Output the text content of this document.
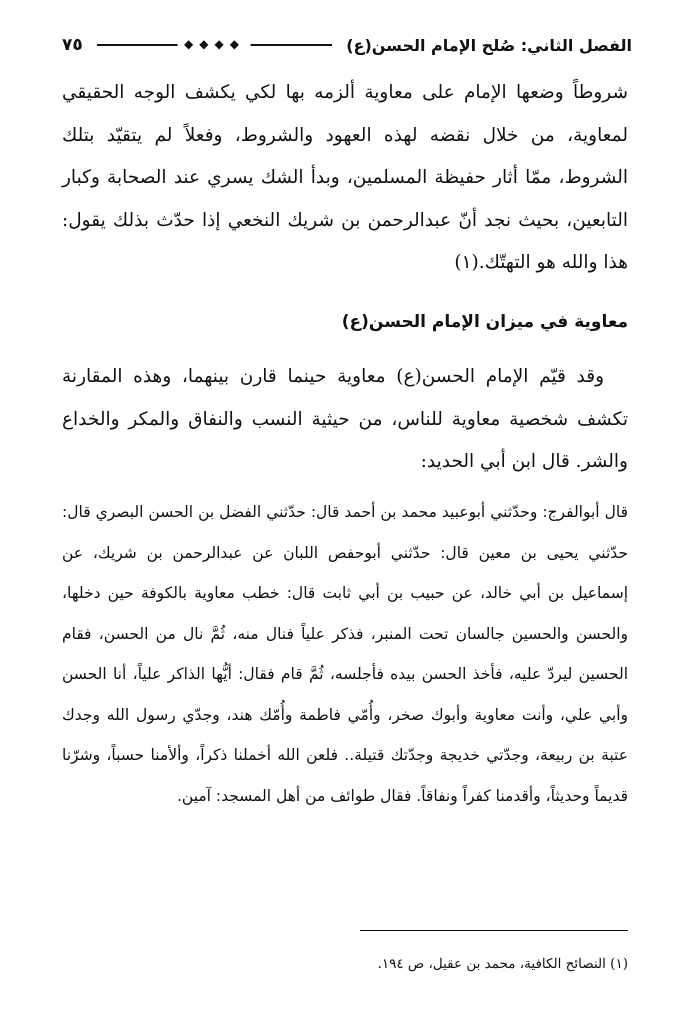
الفصل الثاني: صُلح الإمام الحسن(ع)
◆◆◆◆
٧٥

شروطاً وضعها الإمام على معاوية ألزمه بها لكي يكشف الوجه الحقيقي لمعاوية، من خلال نقضه لهذه العهود والشروط، وفعلاً لم يتقيّد بتلك الشروط، ممّا أثار حفيظة المسلمين، وبدأ الشك يسري عند الصحابة وكبار التابعين، بحيث نجد أنّ عبدالرحمن بن شريك النخعي إذا حدّث بذلك يقول: هذا والله هو التهتّك.(١)

معاوية في ميزان الإمام الحسن(ع)

وقد قيّم الإمام الحسن(ع) معاوية حينما قارن بينهما، وهذه المقارنة تكشف شخصية معاوية للناس، من حيثية النسب والنفاق والمكر والخداع والشر. قال ابن أبي الحديد:

قال أبوالفرج: وحدّثني أبوعبيد محمد بن أحمد قال: حدّثني الفضل بن الحسن البصري قال: حدّثني يحيى بن معين قال: حدّثني أبوحفص اللبان عن عبدالرحمن بن شريك، عن إسماعيل بن أبي خالد، عن حبيب بن أبي ثابت قال: خطب معاوية بالكوفة حين دخلها، والحسن والحسين جالسان تحت المنبر، فذكر علياً فنال منه، ثُمَّ نال من الحسن، فقام الحسين ليردّ عليه، فأخذ الحسن بيده فأجلسه، ثُمَّ قام فقال: أيُّها الذاكر علياً، أنا الحسن وأبي علي، وأنت معاوية وأبوك صخر، وأُمّي فاطمة وأُمّك هند، وجدّي رسول الله وجدك عتبة بن ربيعة، وجدّتي خديجة وجدّتك قتيلة.. فلعن الله أخملنا ذكراً، وألأمنا حسباً، وشرّنا قديماً وحديثاً، وأقدمنا كفراً ونفاقاً. فقال طوائف من أهل المسجد: آمين.

(١) النصائح الكافية، محمد بن عقيل، ص ١٩٤.
